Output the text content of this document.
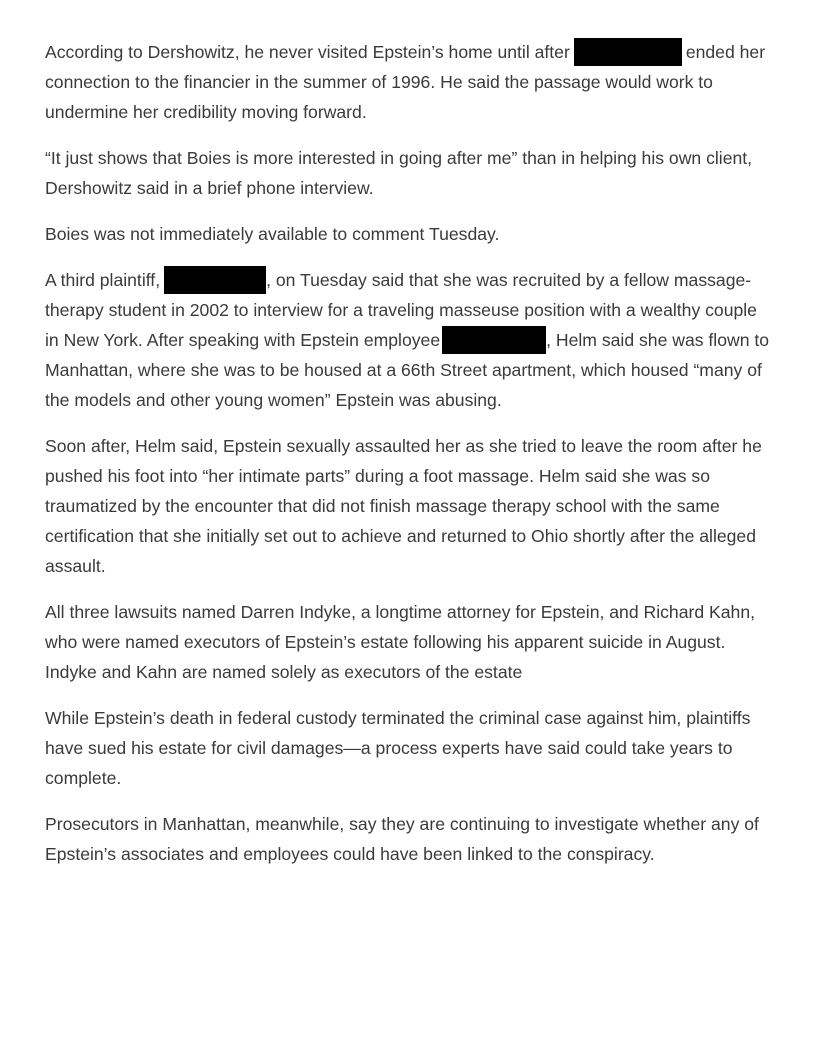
According to Dershowitz, he never visited Epstein’s home until after	ended her connection to the financier in the summer of 1996. He said the passage would work to undermine her credibility moving forward.

“It just shows that Boies is more interested in going after me” than in helping his own client, Dershowitz said in a brief phone interview.

Boies was not immediately available to comment Tuesday.

A third plaintiff,	, on Tuesday said that she was recruited by a fellow massage-therapy student in 2002 to interview for a traveling masseuse position with a wealthy couple in New York. After speaking with Epstein employee	, Helm said she was flown to Manhattan, where she was to be housed at a 66th Street apartment, which housed “many of the models and other young women” Epstein was abusing.

Soon after, Helm said, Epstein sexually assaulted her as she tried to leave the room after he pushed his foot into “her intimate parts” during a foot massage. Helm said she was so traumatized by the encounter that did not finish massage therapy school with the same certification that she initially set out to achieve and returned to Ohio shortly after the alleged assault.

All three lawsuits named Darren Indyke, a longtime attorney for Epstein, and Richard Kahn, who were named executors of Epstein’s estate following his apparent suicide in August. Indyke and Kahn are named solely as executors of the estate

While Epstein’s death in federal custody terminated the criminal case against him, plaintiffs have sued his estate for civil damages—a process experts have said could take years to complete.

Prosecutors in Manhattan, meanwhile, say they are continuing to investigate whether any of Epstein’s associates and employees could have been linked to the conspiracy.
